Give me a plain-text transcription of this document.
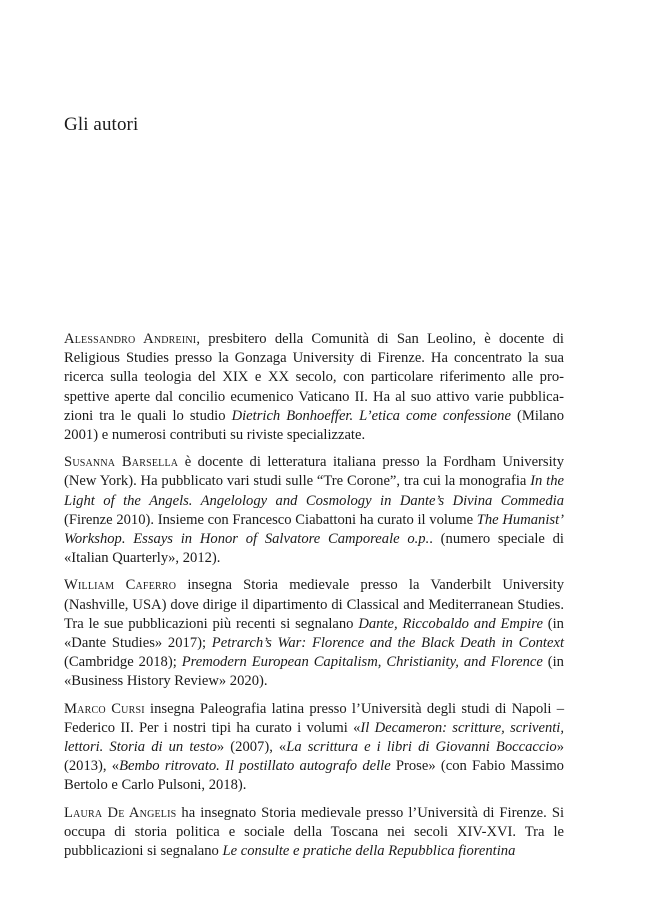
Gli autori

Alessandro Andreini, presbitero della Comunità di San Leolino, è docente di Religious Studies presso la Gonzaga University di Firenze. Ha concentrato la sua ricerca sulla teologia del XIX e XX secolo, con particolare riferimento alle prospettive aperte dal concilio ecumenico Vaticano II. Ha al suo attivo varie pubblicazioni tra le quali lo studio Dietrich Bonhoeffer. L’etica come confessione (Milano 2001) e numerosi contributi su riviste specializzate.

Susanna Barsella è docente di letteratura italiana presso la Fordham University (New York). Ha pubblicato vari studi sulle “Tre Corone”, tra cui la monografia In the Light of the Angels. Angelology and Cosmology in Dante’s Divina Commedia (Firenze 2010). Insieme con Francesco Ciabattoni ha curato il volume The Humanist’ Workshop. Essays in Honor of Salvatore Camporeale o.p.. (numero speciale di «Italian Quarterly», 2012).

William Caferro insegna Storia medievale presso la Vanderbilt University (Nashville, USA) dove dirige il dipartimento di Classical and Mediterranean Studies. Tra le sue pubblicazioni più recenti si segnalano Dante, Riccobaldo and Empire (in «Dante Studies» 2017); Petrarch’s War: Florence and the Black Death in Context (Cambridge 2018); Premodern European Capitalism, Christianity, and Florence (in «Business History Review» 2020).

Marco Cursi insegna Paleografia latina presso l’Università degli studi di Napoli – Federico II. Per i nostri tipi ha curato i volumi «Il Decameron: scritture, scriventi, lettori. Storia di un testo» (2007), «La scrittura e i libri di Giovanni Boccaccio» (2013), «Bembo ritrovato. Il postillato autografo delle Prose» (con Fabio Massimo Bertolo e Carlo Pulsoni, 2018).

Laura De Angelis ha insegnato Storia medievale presso l’Università di Firenze. Si occupa di storia politica e sociale della Toscana nei secoli XIV-XVI. Tra le pubblicazioni si segnalano Le consulte e pratiche della Repubblica fiorentina
